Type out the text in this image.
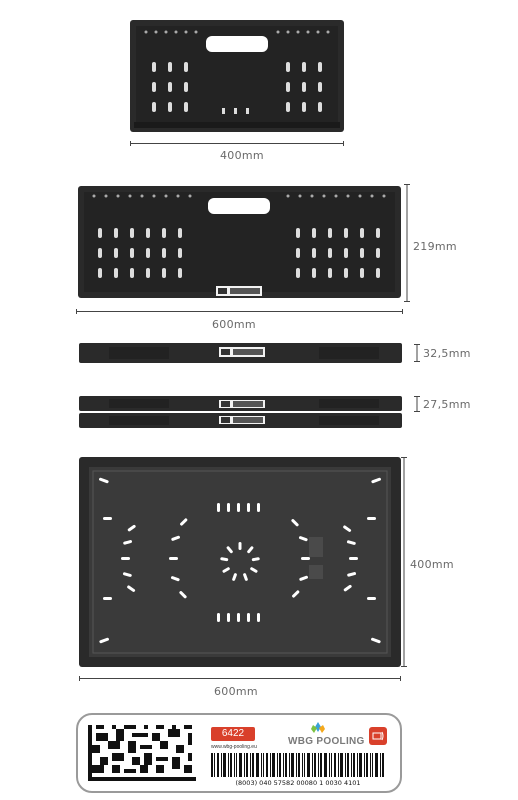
400mm
219mm
600mm
32,5mm
27,5mm
400mm
600mm
6422
www.wbg-pooling.eu	WBG POOLING
(8003) 040 57582 00080 1 0030 4101
